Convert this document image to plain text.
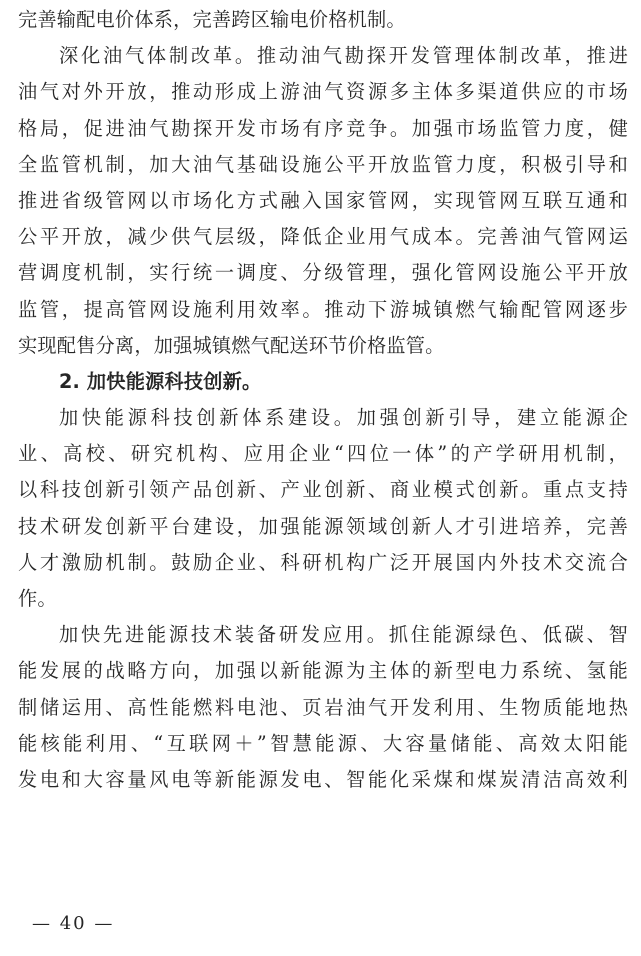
完善输配电价体系，完善跨区输电价格机制。
深化油气体制改革。推动油气勘探开发管理体制改革，推进
油气对外开放，推动形成上游油气资源多主体多渠道供应的市场
格局，促进油气勘探开发市场有序竞争。加强市场监管力度，健
全监管机制，加大油气基础设施公平开放监管力度，积极引导和
推进省级管网以市场化方式融入国家管网，实现管网互联互通和
公平开放，减少供气层级，降低企业用气成本。完善油气管网运
营调度机制，实行统一调度、分级管理，强化管网设施公平开放
监管，提高管网设施利用效率。推动下游城镇燃气输配管网逐步
实现配售分离，加强城镇燃气配送环节价格监管。
2. 加快能源科技创新。
加快能源科技创新体系建设。加强创新引导，建立能源企
业、高校、研究机构、应用企业“四位一体”的产学研用机制，
以科技创新引领产品创新、产业创新、商业模式创新。重点支持
技术研发创新平台建设，加强能源领域创新人才引进培养，完善
人才激励机制。鼓励企业、科研机构广泛开展国内外技术交流合
作。
加快先进能源技术装备研发应用。抓住能源绿色、低碳、智
能发展的战略方向，加强以新能源为主体的新型电力系统、氢能
制储运用、高性能燃料电池、页岩油气开发利用、生物质能地热
能核能利用、“互联网＋”智慧能源、大容量储能、高效太阳能
发电和大容量风电等新能源发电、智能化采煤和煤炭清洁高效利
— 40 —
